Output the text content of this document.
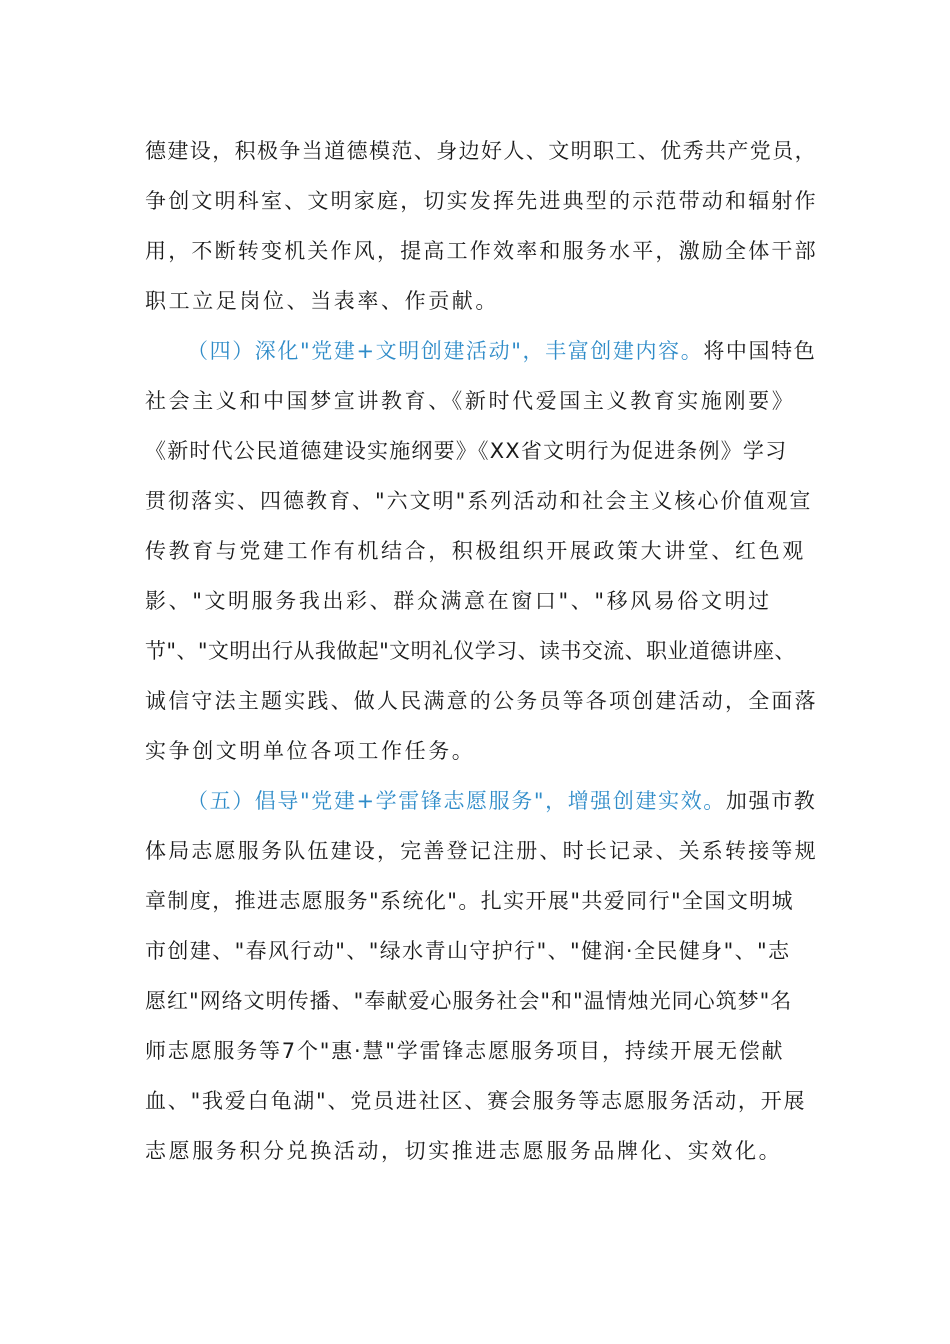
德建设，积极争当道德模范、身边好人、文明职工、优秀共产党员，
争创文明科室、文明家庭，切实发挥先进典型的示范带动和辐射作
用，不断转变机关作风，提高工作效率和服务水平，激励全体干部
职工立足岗位、当表率、作贡献。
（四）深化"党建+文明创建活动"，丰富创建内容。将中国特色
社会主义和中国梦宣讲教育、《新时代爱国主义教育实施刚要》
《新时代公民道德建设实施纲要》《XX省文明行为促进条例》学习
贯彻落实、四德教育、"六文明"系列活动和社会主义核心价值观宣
传教育与党建工作有机结合，积极组织开展政策大讲堂、红色观
影、"文明服务我出彩、群众满意在窗口"、"移风易俗文明过
节"、"文明出行从我做起"文明礼仪学习、读书交流、职业道德讲座、
诚信守法主题实践、做人民满意的公务员等各项创建活动，全面落
实争创文明单位各项工作任务。
（五）倡导"党建+学雷锋志愿服务"，增强创建实效。加强市教
体局志愿服务队伍建设，完善登记注册、时长记录、关系转接等规
章制度，推进志愿服务"系统化"。扎实开展"共爱同行"全国文明城
市创建、"春风行动"、"绿水青山守护行"、"健润·全民健身"、"志
愿红"网络文明传播、"奉献爱心服务社会"和"温情烛光同心筑梦"名
师志愿服务等7个"惠·慧"学雷锋志愿服务项目，持续开展无偿献
血、"我爱白龟湖"、党员进社区、赛会服务等志愿服务活动，开展
志愿服务积分兑换活动，切实推进志愿服务品牌化、实效化。
